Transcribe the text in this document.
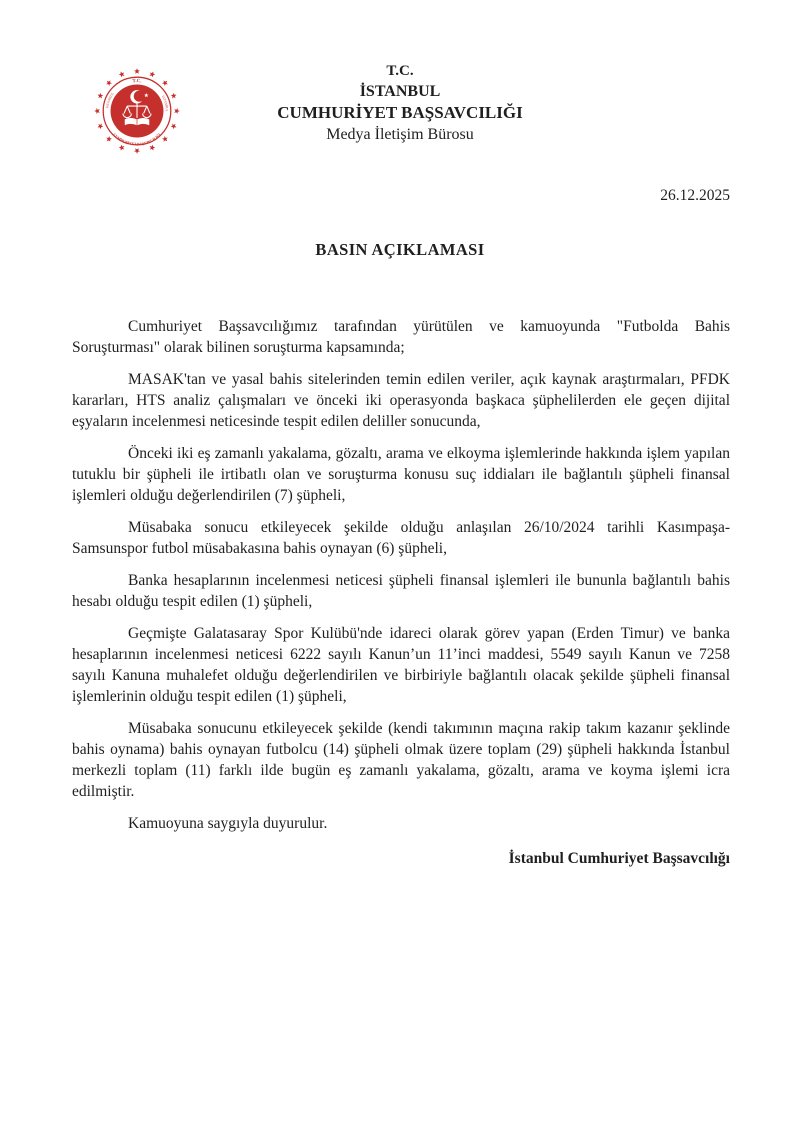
T.C.
İSTANBUL
İSTANBUL
CUMHURİYET BAŞSAVCILIĞI
T.C.
İSTANBUL
CUMHURİYET BAŞSAVCILIĞI
Medya İletişim Bürosu
26.12.2025
BASIN AÇIKLAMASI

Cumhuriyet Başsavcılığımız tarafından yürütülen ve kamuoyunda "Futbolda Bahis Soruşturması" olarak bilinen soruşturma kapsamında;

MASAK'tan ve yasal bahis sitelerinden temin edilen veriler, açık kaynak araştırmaları, PFDK kararları, HTS analiz çalışmaları ve önceki iki operasyonda başkaca şüphelilerden ele geçen dijital eşyaların incelenmesi neticesinde tespit edilen deliller sonucunda,

Önceki iki eş zamanlı yakalama, gözaltı, arama ve elkoyma işlemlerinde hakkında işlem yapılan tutuklu bir şüpheli ile irtibatlı olan ve soruşturma konusu suç iddiaları ile bağlantılı şüpheli finansal işlemleri olduğu değerlendirilen (7) şüpheli,

Müsabaka sonucu etkileyecek şekilde olduğu anlaşılan 26/10/2024 tarihli Kasımpaşa-Samsunspor futbol müsabakasına bahis oynayan (6) şüpheli,

Banka hesaplarının incelenmesi neticesi şüpheli finansal işlemleri ile bununla bağlantılı bahis hesabı olduğu tespit edilen (1) şüpheli,

Geçmişte Galatasaray Spor Kulübü'nde idareci olarak görev yapan (Erden Timur) ve banka hesaplarının incelenmesi neticesi 6222 sayılı Kanun’un 11’inci maddesi, 5549 sayılı Kanun ve 7258 sayılı Kanuna muhalefet olduğu değerlendirilen ve birbiriyle bağlantılı olacak şekilde şüpheli finansal işlemlerinin olduğu tespit edilen (1) şüpheli,

Müsabaka sonucunu etkileyecek şekilde (kendi takımının maçına rakip takım kazanır şeklinde bahis oynama) bahis oynayan futbolcu (14) şüpheli olmak üzere toplam (29) şüpheli hakkında İstanbul merkezli toplam (11) farklı ilde bugün eş zamanlı yakalama, gözaltı, arama ve koyma işlemi icra edilmiştir.

Kamuoyuna saygıyla duyurulur.

İstanbul Cumhuriyet Başsavcılığı
